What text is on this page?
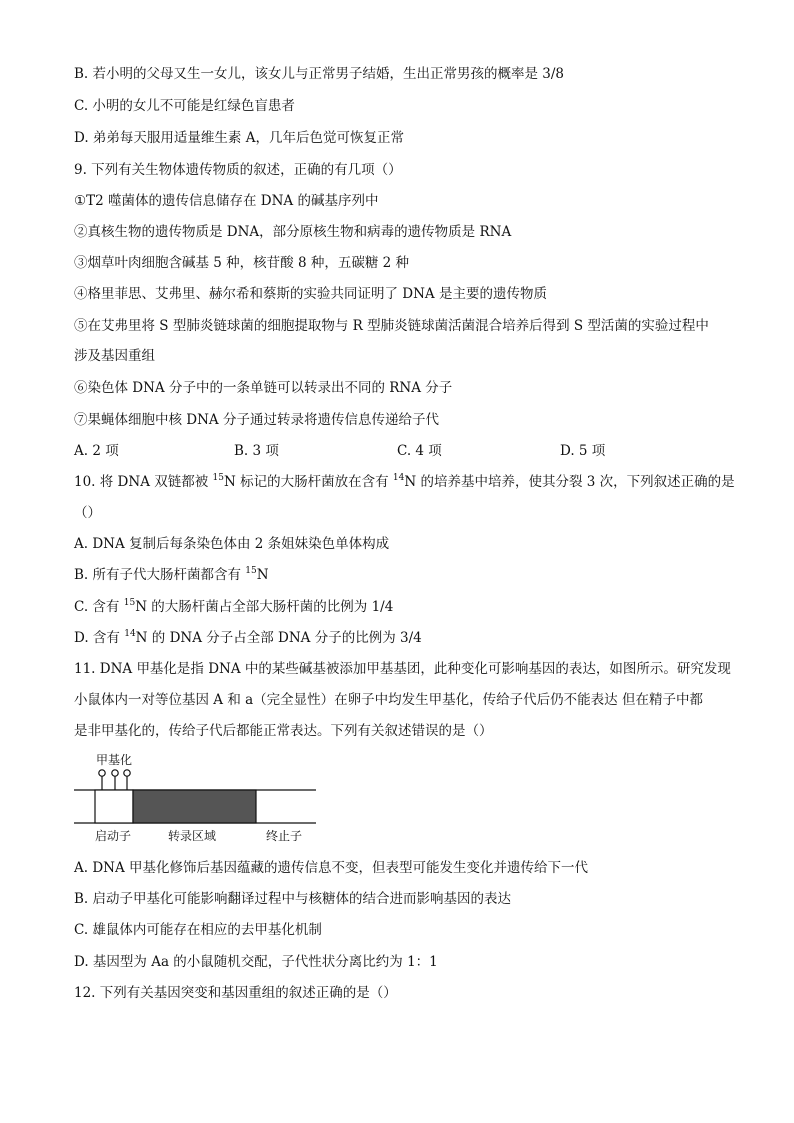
B. 若小明的父母又生一女儿，该女儿与正常男子结婚，生出正常男孩的概率是 3/8
C. 小明的女儿不可能是红绿色盲患者
D. 弟弟每天服用适量维生素 A，几年后色觉可恢复正常
9. 下列有关生物体遗传物质的叙述，正确的有几项（）
①T2 噬菌体的遗传信息储存在 DNA 的碱基序列中
②真核生物的遗传物质是 DNA，部分原核生物和病毒的遗传物质是 RNA
③烟草叶肉细胞含碱基 5 种，核苷酸 8 种，五碳糖 2 种
④格里菲思、艾弗里、赫尔希和蔡斯的实验共同证明了 DNA 是主要的遗传物质
⑤在艾弗里将 S 型肺炎链球菌的细胞提取物与 R 型肺炎链球菌活菌混合培养后得到 S 型活菌的实验过程中
涉及基因重组
⑥染色体 DNA 分子中的一条单链可以转录出不同的 RNA 分子
⑦果蝇体细胞中核 DNA 分子通过转录将遗传信息传递给子代
A. 2 项	B. 3 项	C. 4 项	D. 5 项
10. 将 DNA 双链都被 $^{15}$N 标记的大肠杆菌放在含有 $^{14}$N 的培养基中培养，使其分裂 3 次，下列叙述正确的是
（）
A. DNA 复制后每条染色体由 2 条姐妹染色单体构成
B. 所有子代大肠杆菌都含有 $^{15}$N
C. 含有 $^{15}$N 的大肠杆菌占全部大肠杆菌的比例为 1/4
D. 含有 $^{14}$N 的 DNA 分子占全部 DNA 分子的比例为 3/4
11. DNA 甲基化是指 DNA 中的某些碱基被添加甲基基团，此种变化可影响基因的表达，如图所示。研究发现
小鼠体内一对等位基因 A 和 a（完全显性）在卵子中均发生甲基化，传给子代后仍不能表达 但在精子中都
是非甲基化的，传给子代后都能正常表达。下列有关叙述错误的是（）
甲基化
启动子	转录区域	终止子
A. DNA 甲基化修饰后基因蕴藏的遗传信息不变，但表型可能发生变化并遗传给下一代
B. 启动子甲基化可能影响翻译过程中与核糖体的结合进而影响基因的表达
C. 雄鼠体内可能存在相应的去甲基化机制
D. 基因型为 Aa 的小鼠随机交配，子代性状分离比约为 1：1
12. 下列有关基因突变和基因重组的叙述正确的是（）
